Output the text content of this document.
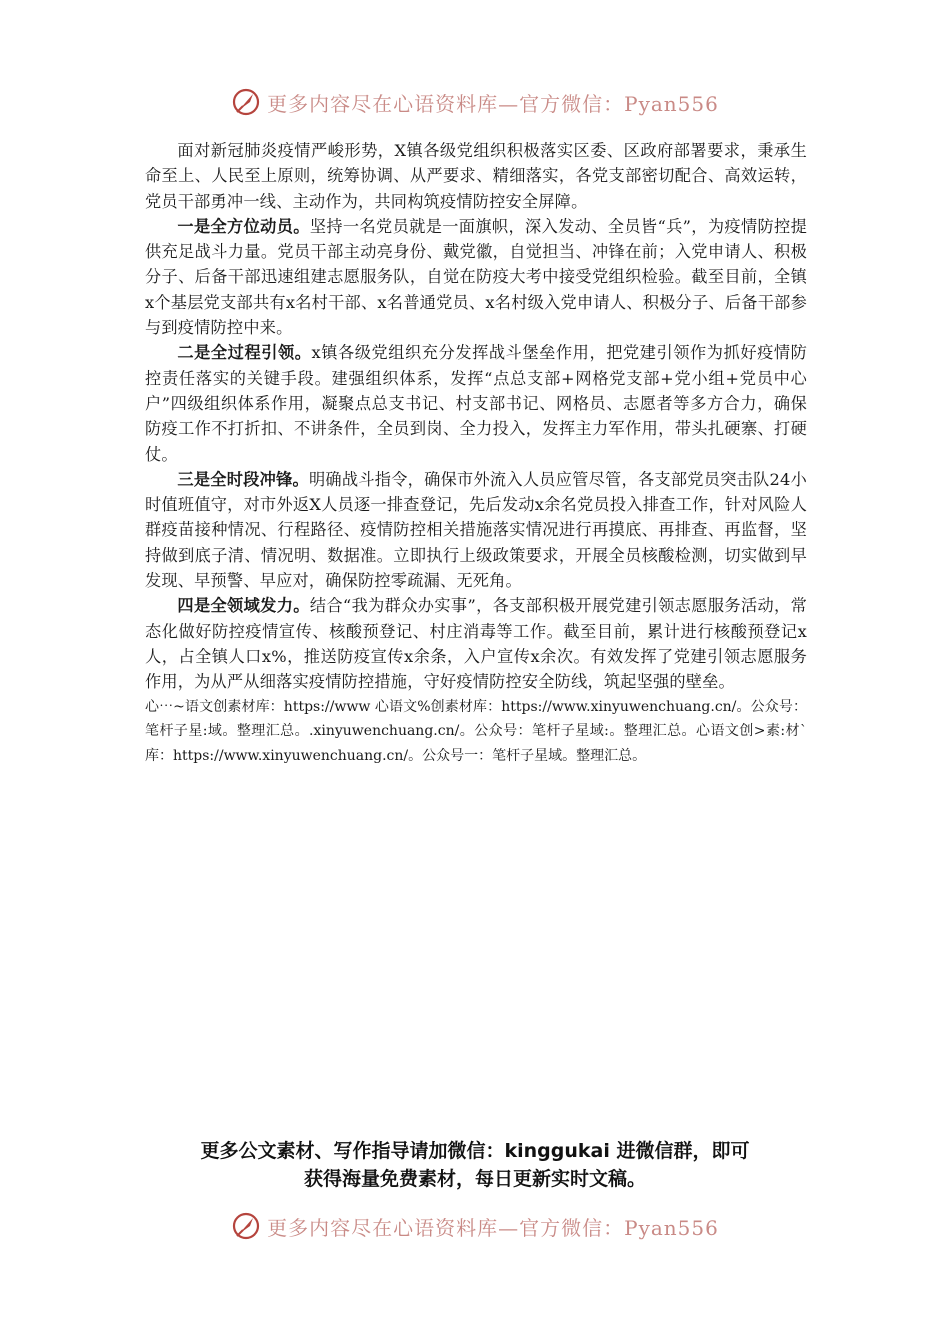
更多内容尽在心语资料库—官方微信：Pyan556

面对新冠肺炎疫情严峻形势，X镇各级党组织积极落实区委、区政府部署要求，秉承生命至上、人民至上原则，统筹协调、从严要求、精细落实，各党支部密切配合、高效运转，党员干部勇冲一线、主动作为，共同构筑疫情防控安全屏障。

一是全方位动员。坚持一名党员就是一面旗帜，深入发动、全员皆“兵”，为疫情防控提供充足战斗力量。党员干部主动亮身份、戴党徽，自觉担当、冲锋在前；入党申请人、积极分子、后备干部迅速组建志愿服务队，自觉在防疫大考中接受党组织检验。截至目前，全镇x个基层党支部共有x名村干部、x名普通党员、x名村级入党申请人、积极分子、后备干部参与到疫情防控中来。

二是全过程引领。x镇各级党组织充分发挥战斗堡垒作用，把党建引领作为抓好疫情防控责任落实的关键手段。建强组织体系，发挥“点总支部+网格党支部+党小组+党员中心户”四级组织体系作用，凝聚点总支书记、村支部书记、网格员、志愿者等多方合力，确保防疫工作不打折扣、不讲条件，全员到岗、全力投入，发挥主力军作用，带头扎硬寨、打硬仗。

三是全时段冲锋。明确战斗指令，确保市外流入人员应管尽管，各支部党员突击队24小时值班值守，对市外返X人员逐一排查登记，先后发动x余名党员投入排查工作，针对风险人群疫苗接种情况、行程路径、疫情防控相关措施落实情况进行再摸底、再排查、再监督，坚持做到底子清、情况明、数据准。立即执行上级政策要求，开展全员核酸检测，切实做到早发现、早预警、早应对，确保防控零疏漏、无死角。

四是全领域发力。结合“我为群众办实事”，各支部积极开展党建引领志愿服务活动，常态化做好防控疫情宣传、核酸预登记、村庄消毒等工作。截至目前，累计进行核酸预登记x人，占全镇人口x%，推送防疫宣传x余条，入户宣传x余次。有效发挥了党建引领志愿服务作用，为从严从细落实疫情防控措施，守好疫情防控安全防线，筑起坚强的壁垒。

心⋯~语文创素材库：https://www 心语文%创素材库：https://www.xinyuwenchuang.cn/。公众号：笔杆子星:域。整理汇总。.xinyuwenchuang.cn/。公众号：笔杆子星域:。整理汇总。心语文创>素:材`库：https://www.xinyuwenchuang.cn/。公众号一：笔杆子星域。整理汇总。

更多公文素材、写作指导请加微信：kinggukai 进微信群，即可
获得海量免费素材，每日更新实时文稿。
更多内容尽在心语资料库—官方微信：Pyan556
